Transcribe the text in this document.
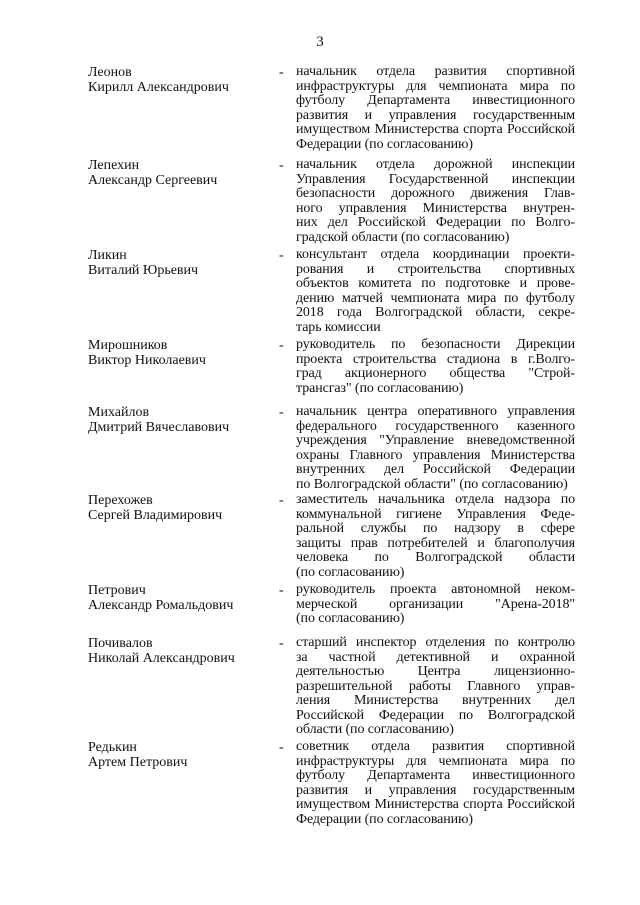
3
Леонов
Кирилл Александрович
- начальник отдела развития спортивной
инфраструктуры для чемпионата мира по
футболу Департамента инвестиционного
развития и управления государственным
имуществом Министерства спорта Российской
Федерации (по согласованию)
Лепехин
Александр Сергеевич
- начальник отдела дорожной инспекции
Управления Государственной инспекции
безопасности дорожного движения Глав-
ного управления Министерства внутрен-
них дел Российской Федерации по Волго-
градской области (по согласованию)
Ликин
Виталий Юрьевич
- консультант отдела координации проекти-
рования и строительства спортивных
объектов комитета по подготовке и прове-
дению матчей чемпионата мира по футболу
2018 года Волгоградской области, секре-
тарь комиссии
Мирошников
Виктор Николаевич
- руководитель по безопасности Дирекции
проекта строительства стадиона в г.Волго-
град акционерного общества "Строй-
трансгаз" (по согласованию)
Михайлов
Дмитрий Вячеславович
- начальник центра оперативного управления
федерального государственного казенного
учреждения "Управление вневедомственной
охраны Главного управления Министерства
внутренних дел Российской Федерации
по Волгоградской области" (по согласованию)
Перехожев
Сергей Владимирович
- заместитель начальника отдела надзора по
коммунальной гигиене Управления Феде-
ральной службы по надзору в сфере
защиты прав потребителей и благополучия
человека по Волгоградской области
(по согласованию)
Петрович
Александр Ромальдович
- руководитель проекта автономной неком-
мерческой организации "Арена-2018"
(по согласованию)
Почивалов
Николай Александрович
- старший инспектор отделения по контролю
за частной детективной и охранной
деятельностью Центра лицензионно-
разрешительной работы Главного управ-
ления Министерства внутренних дел
Российской Федерации по Волгоградской
области (по согласованию)
Редькин
Артем Петрович
- советник отдела развития спортивной
инфраструктуры для чемпионата мира по
футболу Департамента инвестиционного
развития и управления государственным
имуществом Министерства спорта Российской
Федерации (по согласованию)
